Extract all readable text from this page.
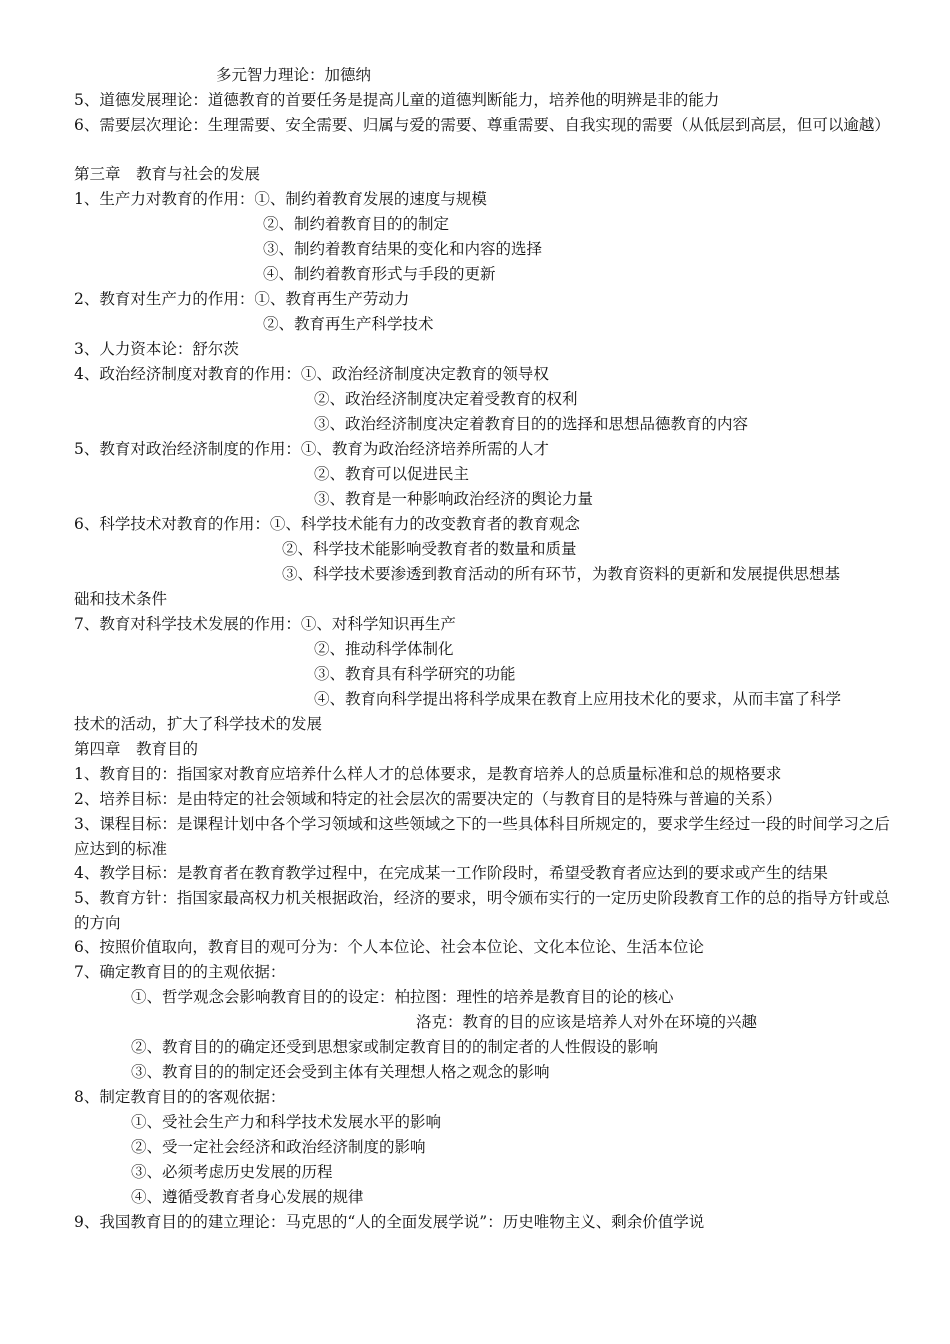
多元智力理论：加德纳
5、道德发展理论：道德教育的首要任务是提高儿童的道德判断能力，培养他的明辨是非的能力
6、需要层次理论：生理需要、安全需要、归属与爱的需要、尊重需要、自我实现的需要（从低层到高层，但可以逾越）
第三章　教育与社会的发展
1、生产力对教育的作用：①、制约着教育发展的速度与规模
②、制约着教育目的的制定
③、制约着教育结果的变化和内容的选择
④、制约着教育形式与手段的更新
2、教育对生产力的作用：①、教育再生产劳动力
②、教育再生产科学技术
3、人力资本论：舒尔茨
4、政治经济制度对教育的作用：①、政治经济制度决定教育的领导权
②、政治经济制度决定着受教育的权利
③、政治经济制度决定着教育目的的选择和思想品德教育的内容
5、教育对政治经济制度的作用：①、教育为政治经济培养所需的人才
②、教育可以促进民主
③、教育是一种影响政治经济的舆论力量
6、科学技术对教育的作用：①、科学技术能有力的改变教育者的教育观念
②、科学技术能影响受教育者的数量和质量
③、科学技术要渗透到教育活动的所有环节，为教育资料的更新和发展提供思想基
础和技术条件
7、教育对科学技术发展的作用：①、对科学知识再生产
②、推动科学体制化
③、教育具有科学研究的功能
④、教育向科学提出将科学成果在教育上应用技术化的要求，从而丰富了科学
技术的活动，扩大了科学技术的发展
第四章　教育目的
1、教育目的：指国家对教育应培养什么样人才的总体要求，是教育培养人的总质量标准和总的规格要求
2、培养目标：是由特定的社会领域和特定的社会层次的需要决定的（与教育目的是特殊与普遍的关系）
3、课程目标：是课程计划中各个学习领域和这些领域之下的一些具体科目所规定的，要求学生经过一段的时间学习之后应达到的标准
4、教学目标：是教育者在教育教学过程中，在完成某一工作阶段时，希望受教育者应达到的要求或产生的结果
5、教育方针：指国家最高权力机关根据政治，经济的要求，明令颁布实行的一定历史阶段教育工作的总的指导方针或总的方向
6、按照价值取向，教育目的观可分为：个人本位论、社会本位论、文化本位论、生活本位论
7、确定教育目的的主观依据：
①、哲学观念会影响教育目的的设定：柏拉图：理性的培养是教育目的论的核心
洛克：教育的目的应该是培养人对外在环境的兴趣
②、教育目的的确定还受到思想家或制定教育目的的制定者的人性假设的影响
③、教育目的的制定还会受到主体有关理想人格之观念的影响
8、制定教育目的的客观依据：
①、受社会生产力和科学技术发展水平的影响
②、受一定社会经济和政治经济制度的影响
③、必须考虑历史发展的历程
④、遵循受教育者身心发展的规律
9、我国教育目的的建立理论：马克思的“人的全面发展学说”：历史唯物主义、剩余价值学说
